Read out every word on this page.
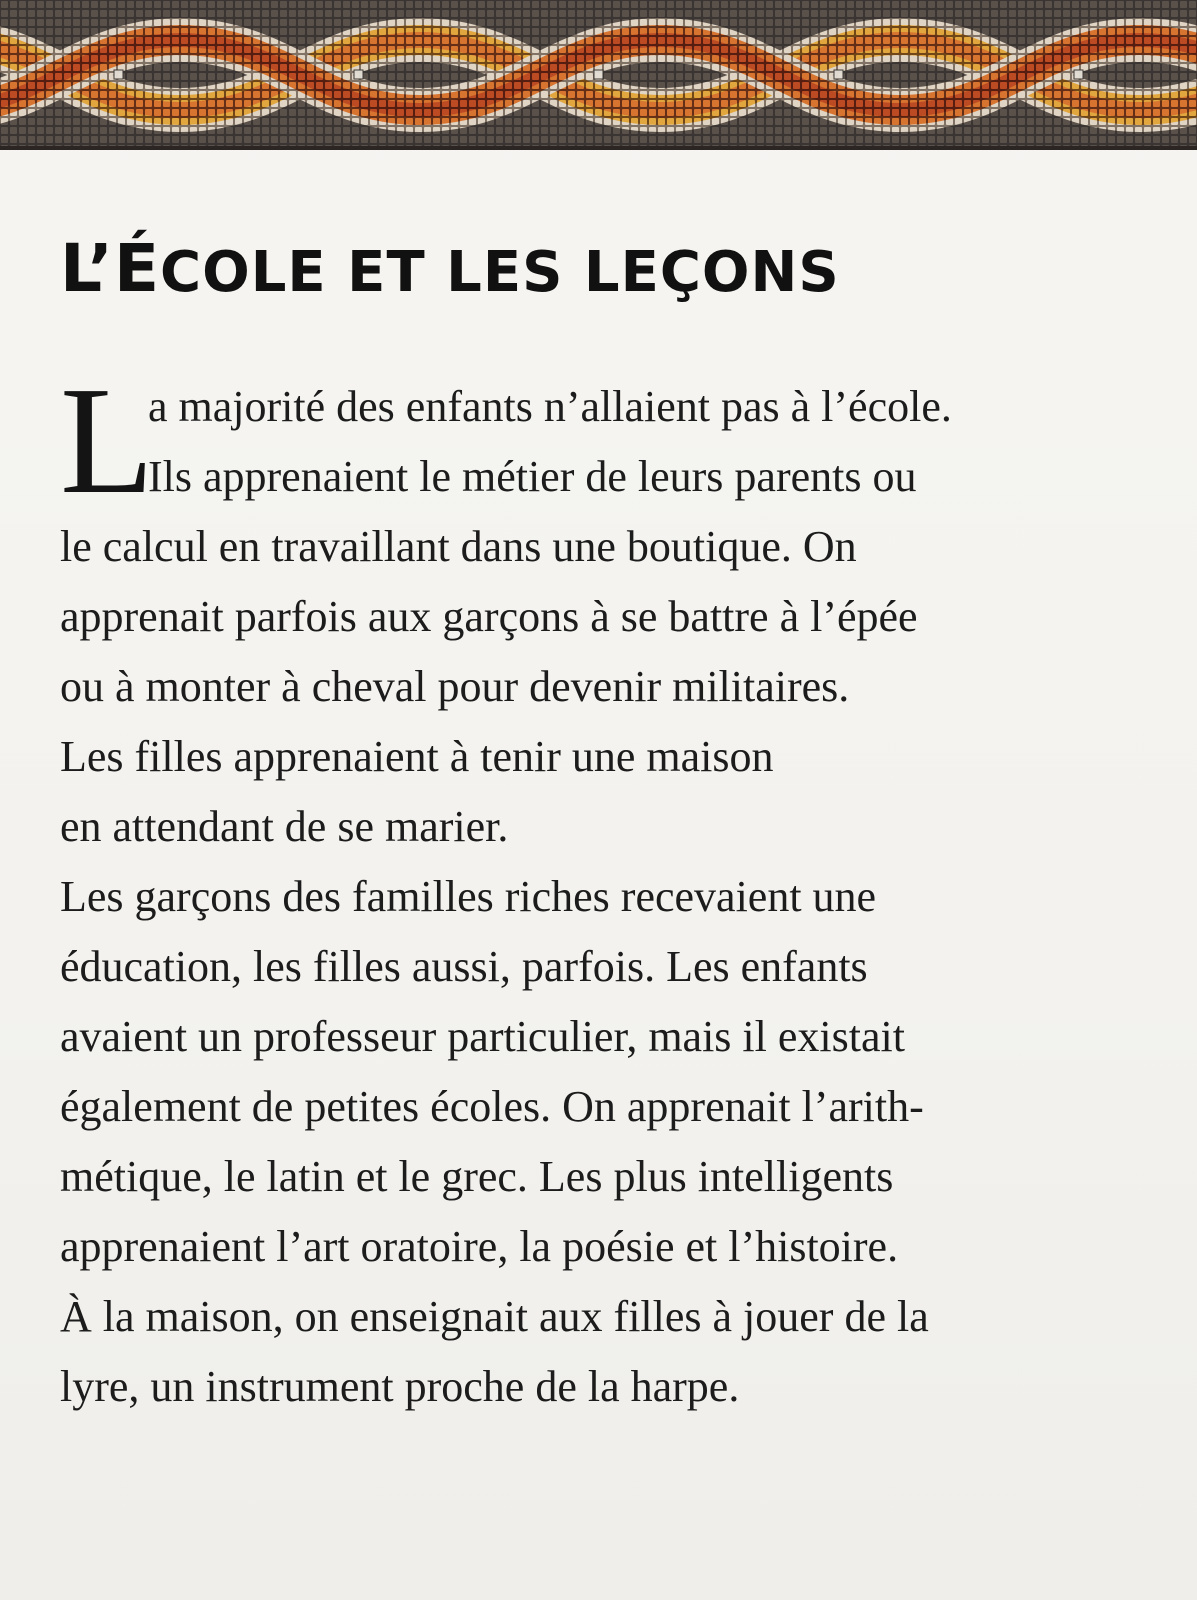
L’ÉCOLE ET LES LEÇONS
L
a majorité des enfants n’allaient pas à l’école.
Ils apprenaient le métier de leurs parents ou
le calcul en travaillant dans une boutique. On
apprenait parfois aux garçons à se battre à l’épée
ou à monter à cheval pour devenir militaires.
Les filles apprenaient à tenir une maison
en attendant de se marier.
Les garçons des familles riches recevaient une
éducation, les filles aussi, parfois. Les enfants
avaient un professeur particulier, mais il existait
également de petites écoles. On apprenait l’arith-
métique, le latin et le grec. Les plus intelligents
apprenaient l’art oratoire, la poésie et l’histoire.
À la maison, on enseignait aux filles à jouer de la
lyre, un instrument proche de la harpe.
